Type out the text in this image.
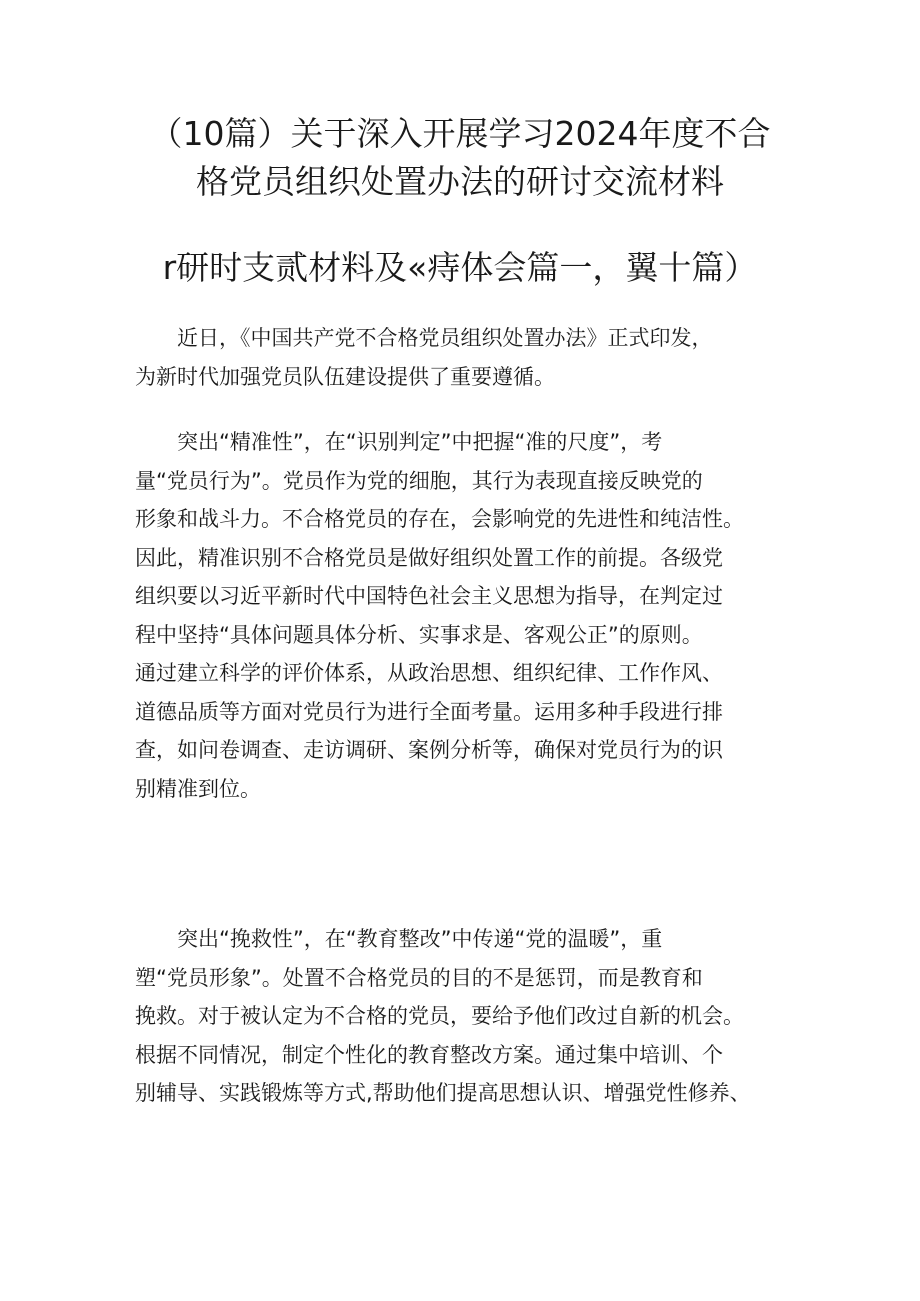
（10篇）关于深入开展学习2024年度不合
格党员组织处置办法的研讨交流材料
r研时支贰材料及«痔体会篇一，翼十篇）
　　近日，《中国共产党不合格党员组织处置办法》正式印发，
为新时代加强党员队伍建设提供了重要遵循。
　　突出“精准性”，在“识别判定”中把握“准的尺度”，考
量“党员行为”。党员作为党的细胞，其行为表现直接反映党的
形象和战斗力。不合格党员的存在，会影响党的先进性和纯洁性。
因此，精准识别不合格党员是做好组织处置工作的前提。各级党
组织要以习近平新时代中国特色社会主义思想为指导，在判定过
程中坚持“具体问题具体分析、实事求是、客观公正”的原则。
通过建立科学的评价体系，从政治思想、组织纪律、工作作风、
道德品质等方面对党员行为进行全面考量。运用多种手段进行排
查，如问卷调查、走访调研、案例分析等，确保对党员行为的识
别精准到位。
　　突出“挽救性”，在“教育整改”中传递“党的温暖”，重
塑“党员形象”。处置不合格党员的目的不是惩罚，而是教育和
挽救。对于被认定为不合格的党员，要给予他们改过自新的机会。
根据不同情况，制定个性化的教育整改方案。通过集中培训、个
别辅导、实践锻炼等方式,帮助他们提高思想认识、增强党性修养、
